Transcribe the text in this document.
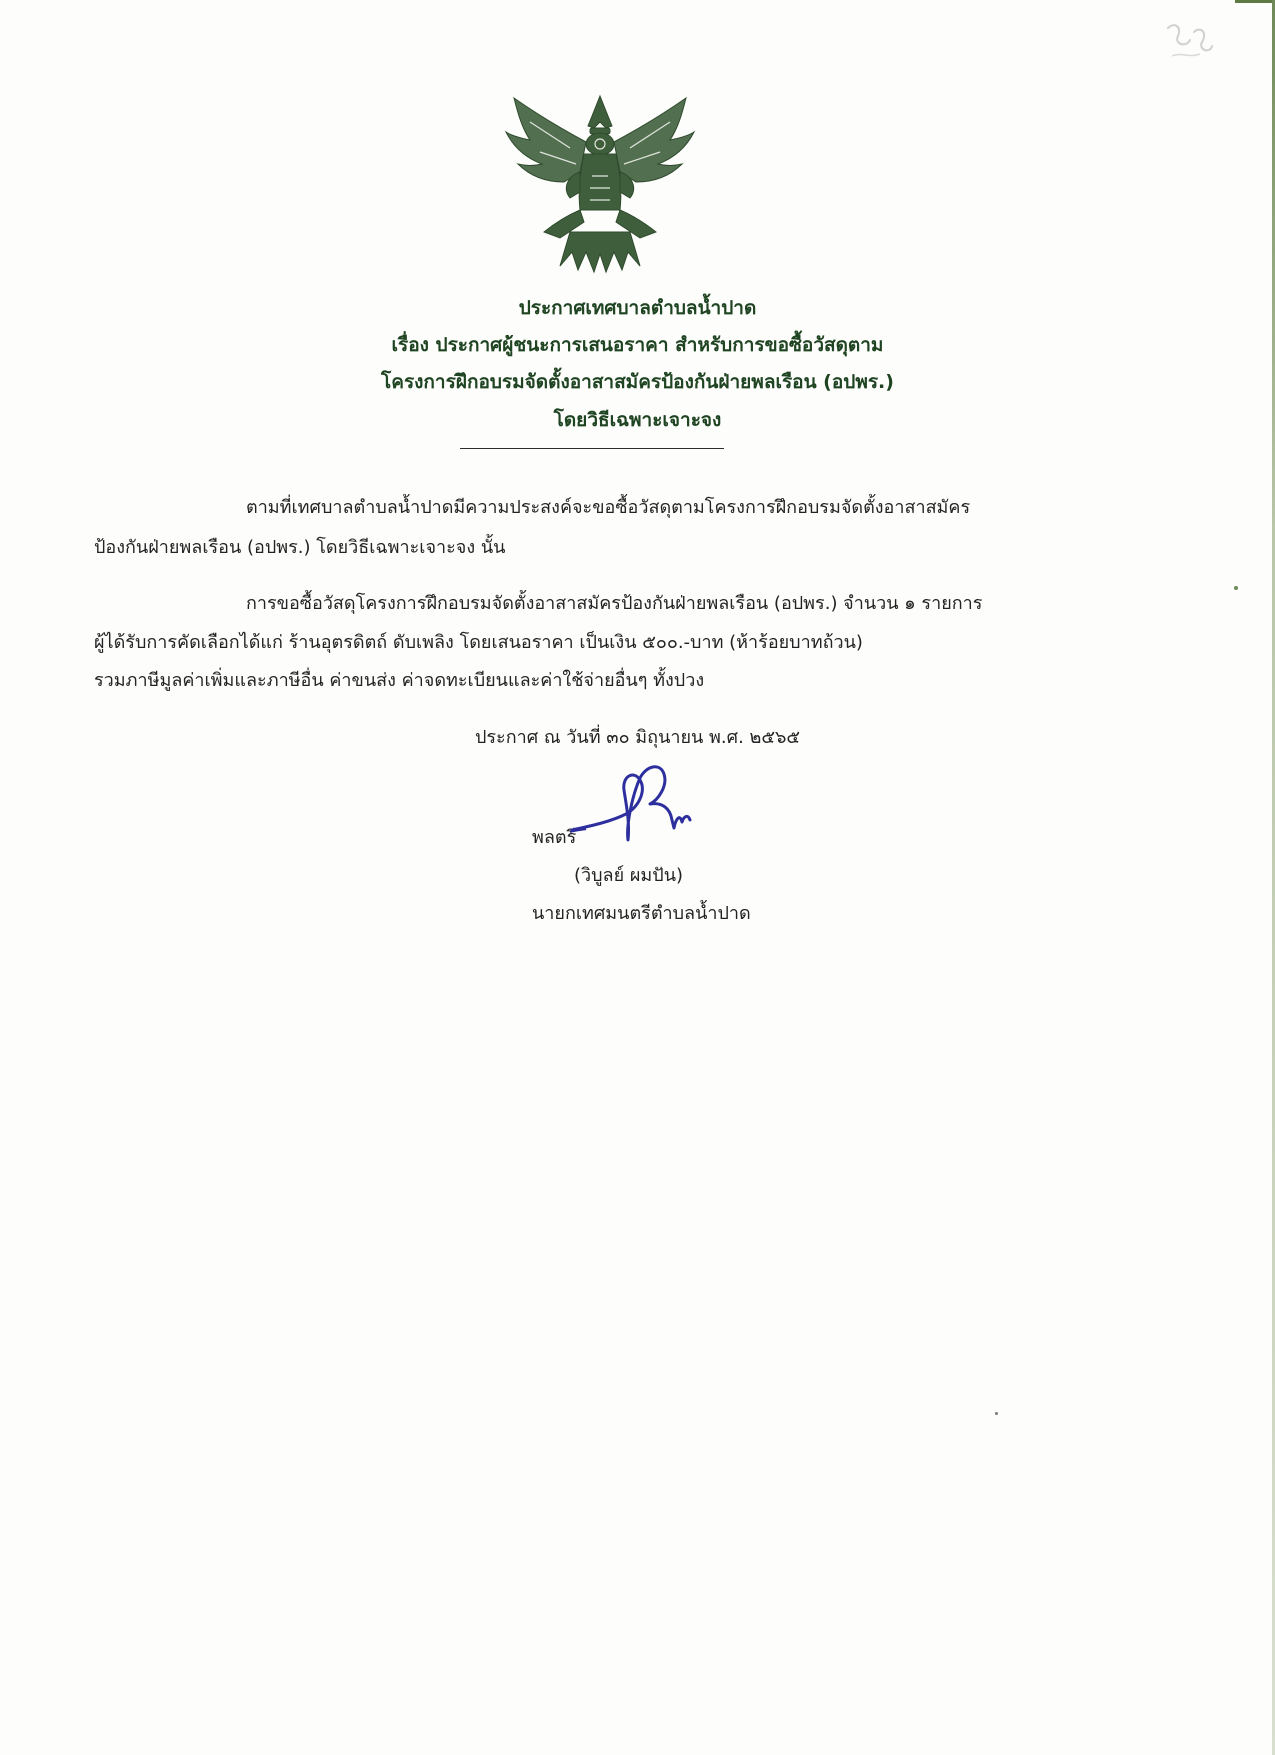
ประกาศเทศบาลตำบลน้ำปาด
เรื่อง ประกาศผู้ชนะการเสนอราคา สำหรับการขอซื้อวัสดุตาม
โครงการฝึกอบรมจัดตั้งอาสาสมัครป้องกันฝ่ายพลเรือน (อปพร.)
โดยวิธีเฉพาะเจาะจง
ตามที่เทศบาลตำบลน้ำปาดมีความประสงค์จะขอซื้อวัสดุตามโครงการฝึกอบรมจัดตั้งอาสาสมัคร
ป้องกันฝ่ายพลเรือน (อปพร.) โดยวิธีเฉพาะเจาะจง นั้น
การขอซื้อวัสดุโครงการฝึกอบรมจัดตั้งอาสาสมัครป้องกันฝ่ายพลเรือน (อปพร.) จำนวน ๑ รายการ
ผู้ได้รับการคัดเลือกได้แก่ ร้านอุตรดิตถ์ ดับเพลิง โดยเสนอราคา เป็นเงิน ๕๐๐.-บาท (ห้าร้อยบาทถ้วน)
รวมภาษีมูลค่าเพิ่มและภาษีอื่น ค่าขนส่ง ค่าจดทะเบียนและค่าใช้จ่ายอื่นๆ ทั้งปวง
ประกาศ ณ วันที่ ๓๐ มิถุนายน พ.ศ. ๒๕๖๕
พลตรี
(วิบูลย์ ผมปัน)
นายกเทศมนตรีตำบลน้ำปาด
